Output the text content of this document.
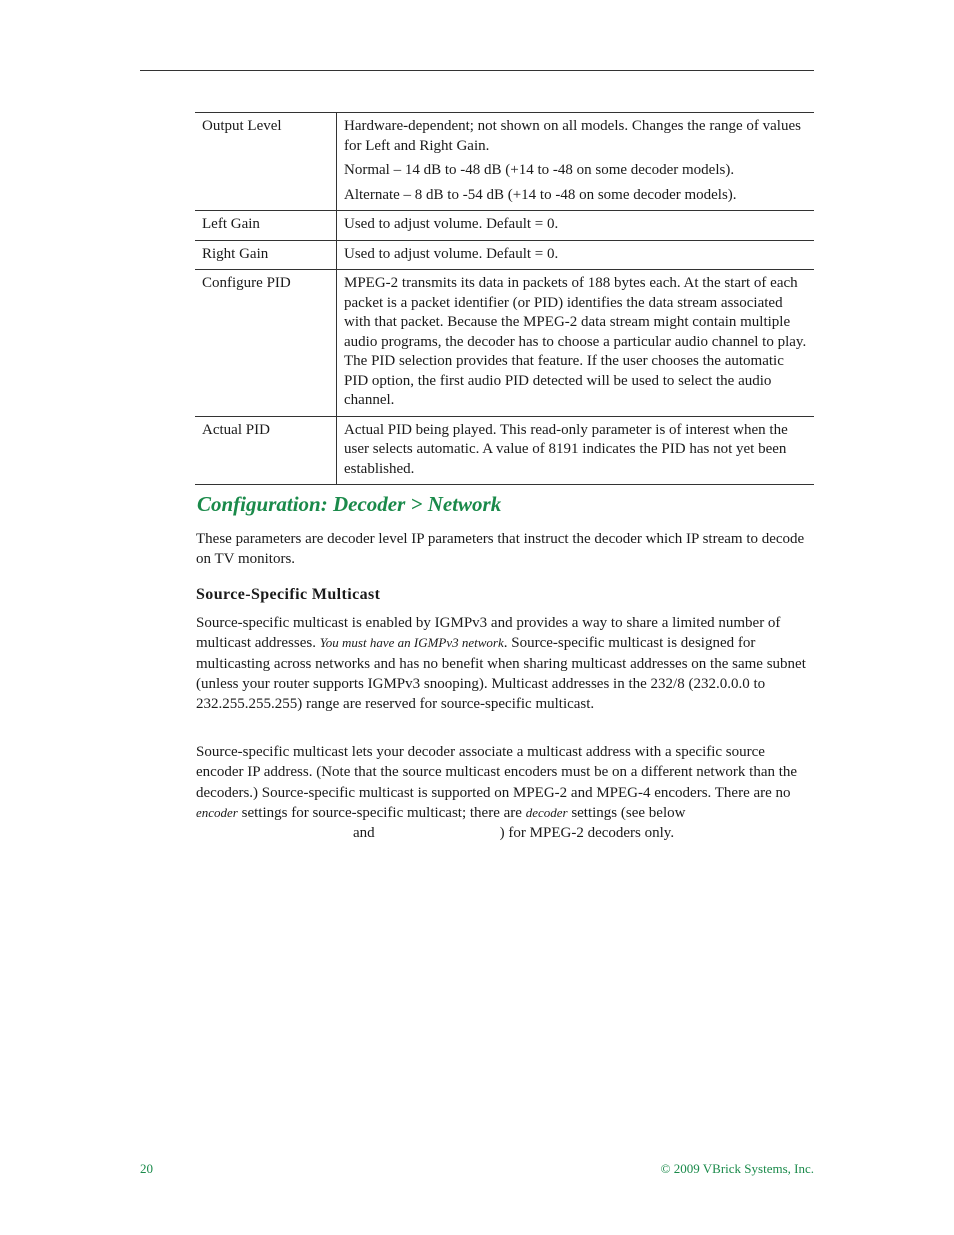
Output Level	Hardware-dependent; not shown on all models. Changes the range of values for Left and Right Gain.

Normal – 14 dB to -48 dB (+14 to -48 on some decoder models).

Alternate – 8 dB to -54 dB (+14 to -48 on some decoder models).

Left Gain	Used to adjust volume. Default = 0.

Right Gain	Used to adjust volume. Default = 0.

Configure PID	MPEG-2 transmits its data in packets of 188 bytes each. At the start of each packet is a packet identifier (or PID) identifies the data stream associated with that packet. Because the MPEG-2 data stream might contain multiple audio programs, the decoder has to choose a particular audio channel to play. The PID selection provides that feature. If the user chooses the automatic PID option, the first audio PID detected will be used to select the audio channel.

Actual PID	Actual PID being played. This read-only parameter is of interest when the user selects automatic. A value of 8191 indicates the PID has not yet been established.

Configuration: Decoder > Network

These parameters are decoder level IP parameters that instruct the decoder which IP stream to decode on TV monitors.

Source-Specific Multicast

Source-specific multicast is enabled by IGMPv3 and provides a way to share a limited number of multicast addresses. You must have an IGMPv3 network. Source-specific multicast is designed for multicasting across networks and has no benefit when sharing multicast addresses on the same subnet (unless your router supports IGMPv3 snooping). Multicast addresses in the 232/8 (232.0.0.0 to 232.255.255.255) range are reserved for source-specific multicast.

Source-specific multicast lets your decoder associate a multicast address with a specific source encoder IP address. (Note that the source multicast encoders must be on a different network than the decoders.) Source-specific multicast is supported on MPEG-2 and MPEG-4 encoders. There are no encoder settings for source-specific multicast; there are decoder settings (see belowand	) for MPEG-2 decoders only.

20	© 2009 VBrick Systems, Inc.
